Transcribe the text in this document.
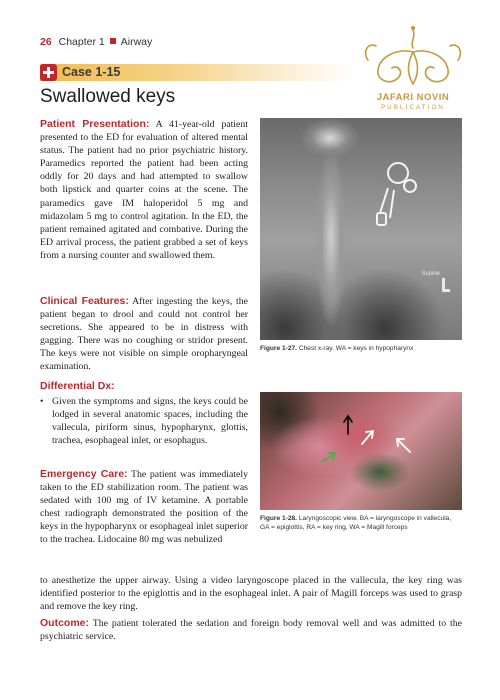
26 Chapter 1 Airway
JAFARI NOVIN
PUBLICATION
Case 1-15
Swallowed keys

Patient Presentation: A 41-year-old patient presented to the ED for evaluation of altered mental status. The patient had no prior psychiatric history. Paramedics reported the patient had been acting oddly for 20 days and had attempted to swallow both lipstick and quarter coins at the scene. The paramedics gave IM haloperidol 5 mg and midazolam 5 mg to control agitation. In the ED, the patient remained agitated and combative. During the ED arrival process, the patient grabbed a set of keys from a nursing counter and swallowed them.

Clinical Features: After ingesting the keys, the patient began to drool and could not control her secretions. She appeared to be in distress with gagging. There was no coughing or stridor present. The keys were not visible on simple oropharyngeal examination.

Differential Dx:
• Given the symptoms and signs, the keys could be lodged in several anatomic spaces, including the vallecula, piriform sinus, hypopharynx, glottis, trachea, esophageal inlet, or esophagus.

Emergency Care: The patient was immediately taken to the ED stabilization room. The patient was sedated with 100 mg of IV ketamine. A portable chest radiograph demonstrated the position of the keys in the hypopharynx or esophageal inlet superior to the trachea. Lidocaine 80 mg was nebulized

to anesthetize the upper airway. Using a video laryngoscope placed in the vallecula, the key ring was identified posterior to the epiglottis and in the esophageal inlet. A pair of Magill forceps was used to grasp and remove the key ring.

Outcome: The patient tolerated the sedation and foreign body removal well and was admitted to the psychiatric service.

Supine

Figure 1-27. Chest x-ray. WA = keys in hypopharynx

Figure 1-28. Laryngoscopic view. BA = laryngoscope in vallecula, GA = epiglottis, RA = key ring, WA = Magill forceps
